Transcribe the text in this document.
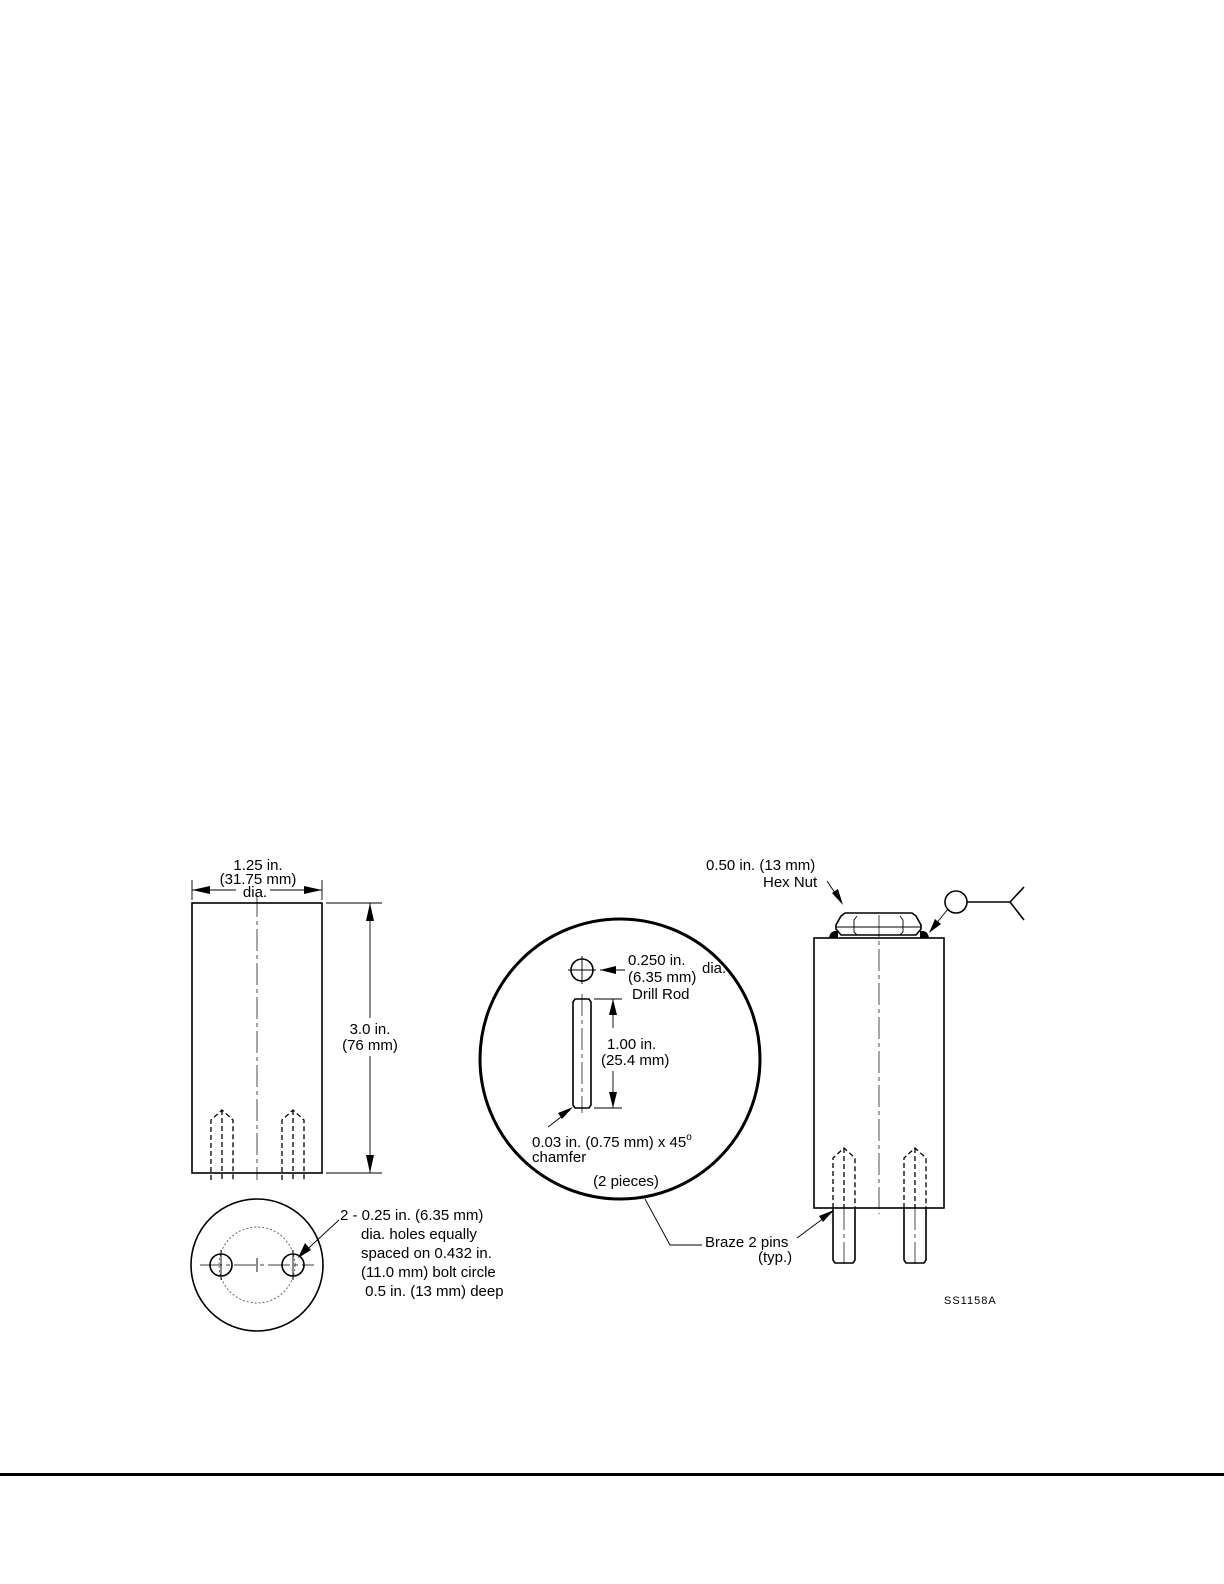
1.25 in.
(31.75 mm)
dia.
3.0 in.
(76 mm)
2 - 0.25 in. (6.35 mm)
dia. holes equally
spaced on 0.432 in.
(11.0 mm) bolt circle
0.5 in. (13 mm) deep
0.250 in.
(6.35 mm)
dia.
Drill Rod
1.00 in.
(25.4 mm)
0.03 in. (0.75 mm) x 45$^o$
chamfer
(2 pieces)
0.50 in. (13 mm)
Hex Nut
Braze 2 pins
(typ.)
SS1158A
